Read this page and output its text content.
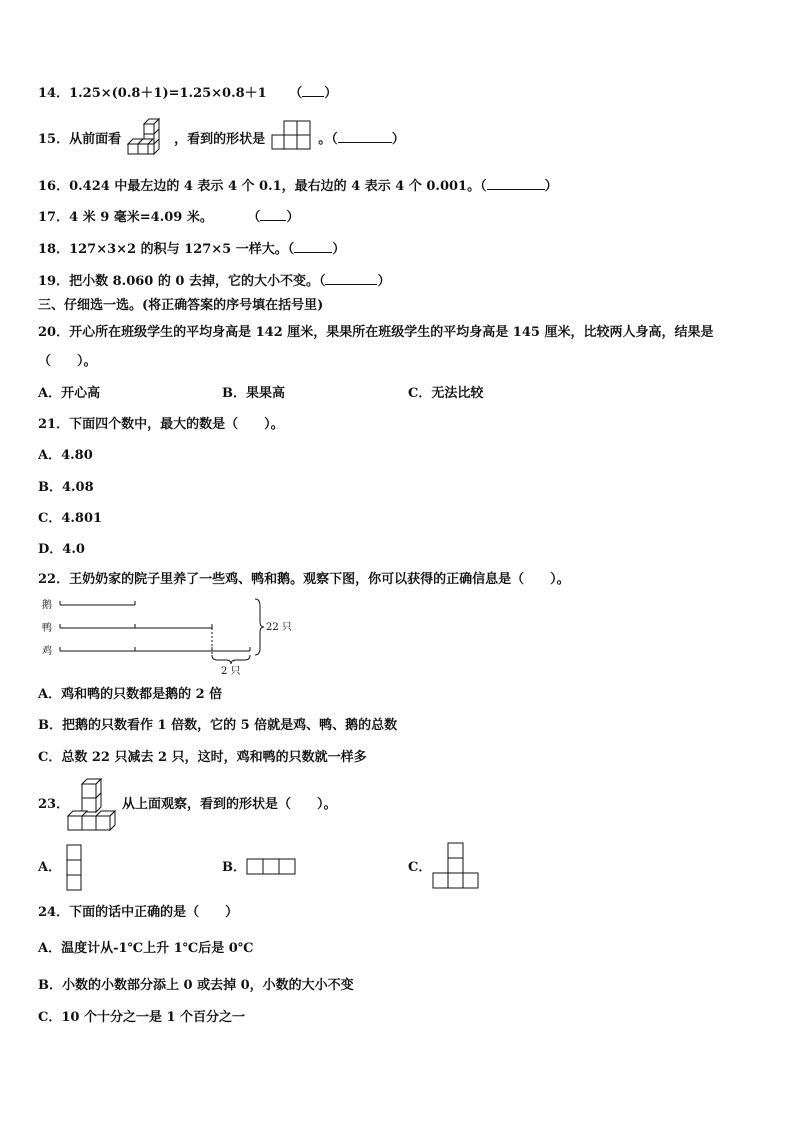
14．1.25×(0.8＋1)=1.25×0.8＋1 （ ）
15．从前面看	，看到的形状是	。（	）
16．0.424 中最左边的 4 表示 4 个 0.1，最右边的 4 表示 4 个 0.001。（	）
17．4 米 9 毫米=4.09 米。	（ ）
18．127×3×2 的积与 127×5 一样大。（	）
19．把小数 8.060 的 0 去掉，它的大小不变。（	）
三、仔细选一选。(将正确答案的序号填在括号里)
20．开心所在班级学生的平均身高是 142 厘米，果果所在班级学生的平均身高是 145 厘米，比较两人身高，结果是
（　　）。
A．开心高	B．果果高	C．无法比较
21．下面四个数中，最大的数是（　　）。
A．4.80
B．4.08
C．4.801
D．4.0
22．王奶奶家的院子里养了一些鸡、鸭和鹅。观察下图，你可以获得的正确信息是（　　）。
鹅
鸭
鸡
22 只
2 只
A．鸡和鸭的只数都是鹅的 2 倍
B．把鹅的只数看作 1 倍数，它的 5 倍就是鸡、鸭、鹅的总数
C．总数 22 只减去 2 只，这时，鸡和鸭的只数就一样多
23．	从上面观察，看到的形状是（　　）。
A．	B．	C．
24．下面的话中正确的是（　　）
A．温度计从-1℃上升 1℃后是 0℃
B．小数的小数部分添上 0 或去掉 0，小数的大小不变
C．10 个十分之一是 1 个百分之一
